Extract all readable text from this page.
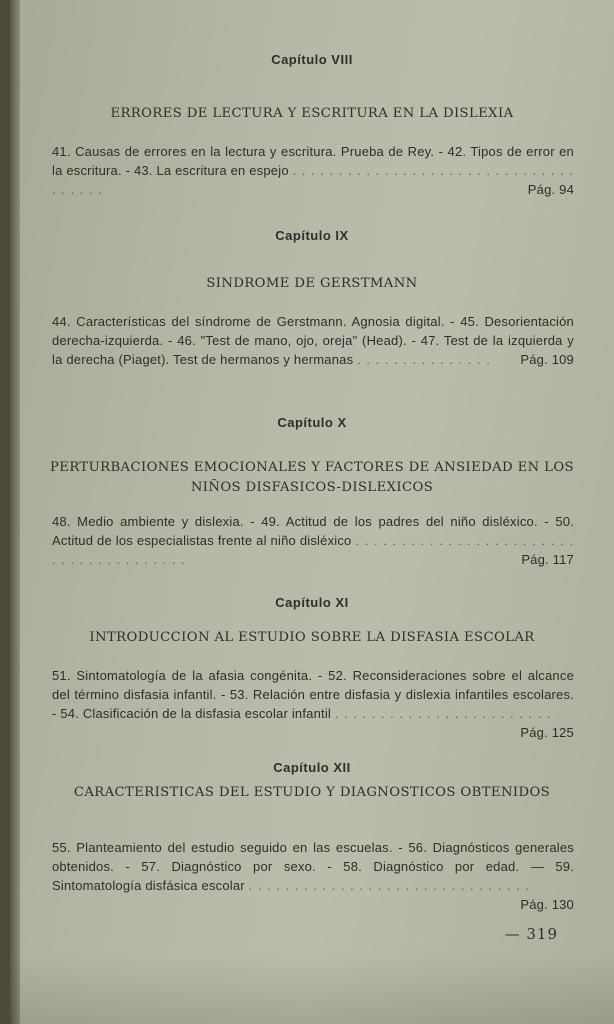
Capítulo VIII
ERRORES DE LECTURA Y ESCRITURA EN LA DISLEXIA
41. Causas de errores en la lectura y escritura. Prueba de Rey. - 42. Tipos de error en la escritura. - 43. La escritura en espejo . . . . . . . . . . . . . . . . . . . . . . . . . . . . . . . . . . . . .	Pág. 94
Capítulo IX
SINDROME DE GERSTMANN
44. Características del síndrome de Gerstmann. Agnosia digital. - 45. Desorientación derecha-izquierda. - 46. "Test de mano, ojo, oreja" (Head). - 47. Test de la izquierda y la derecha (Piaget). Test de hermanos y hermanas . . . . . . . . . . . . . . . Pág. 109
Capítulo X
PERTURBACIONES EMOCIONALES Y FACTORES DE ANSIEDAD EN LOS NIÑOS DISFASICOS-DISLEXICOS
48. Medio ambiente y dislexia. - 49. Actitud de los padres del niño disléxico. - 50. Actitud de los especialistas frente al niño disléxico . . . . . . . . . . . . . . . . . . . . . . . . . . . . . . . . . . . . . . .	Pág. 117
Capítulo XI
INTRODUCCION AL ESTUDIO SOBRE LA DISFASIA ESCOLAR
51. Sintomatología de la afasia congénita. - 52. Reconsideraciones sobre el alcance del término disfasia infantil. - 53. Relación entre disfasia y dislexia infantiles escolares. - 54. Clasificación de la disfasia escolar infantil . . . . . . . . . . . . . . . . . . . . . . . .
Pág. 125
Capítulo XII
CARACTERISTICAS DEL ESTUDIO Y DIAGNOSTICOS OBTENIDOS
55. Planteamiento del estudio seguido en las escuelas. - 56. Diagnósticos generales obtenidos. - 57. Diagnóstico por sexo. - 58. Diagnóstico por edad. — 59. Sintomatología disfásica escolar . . . . . . . . . . . . . . . . . . . . . . . . . . . . . . .
Pág. 130
— 319
